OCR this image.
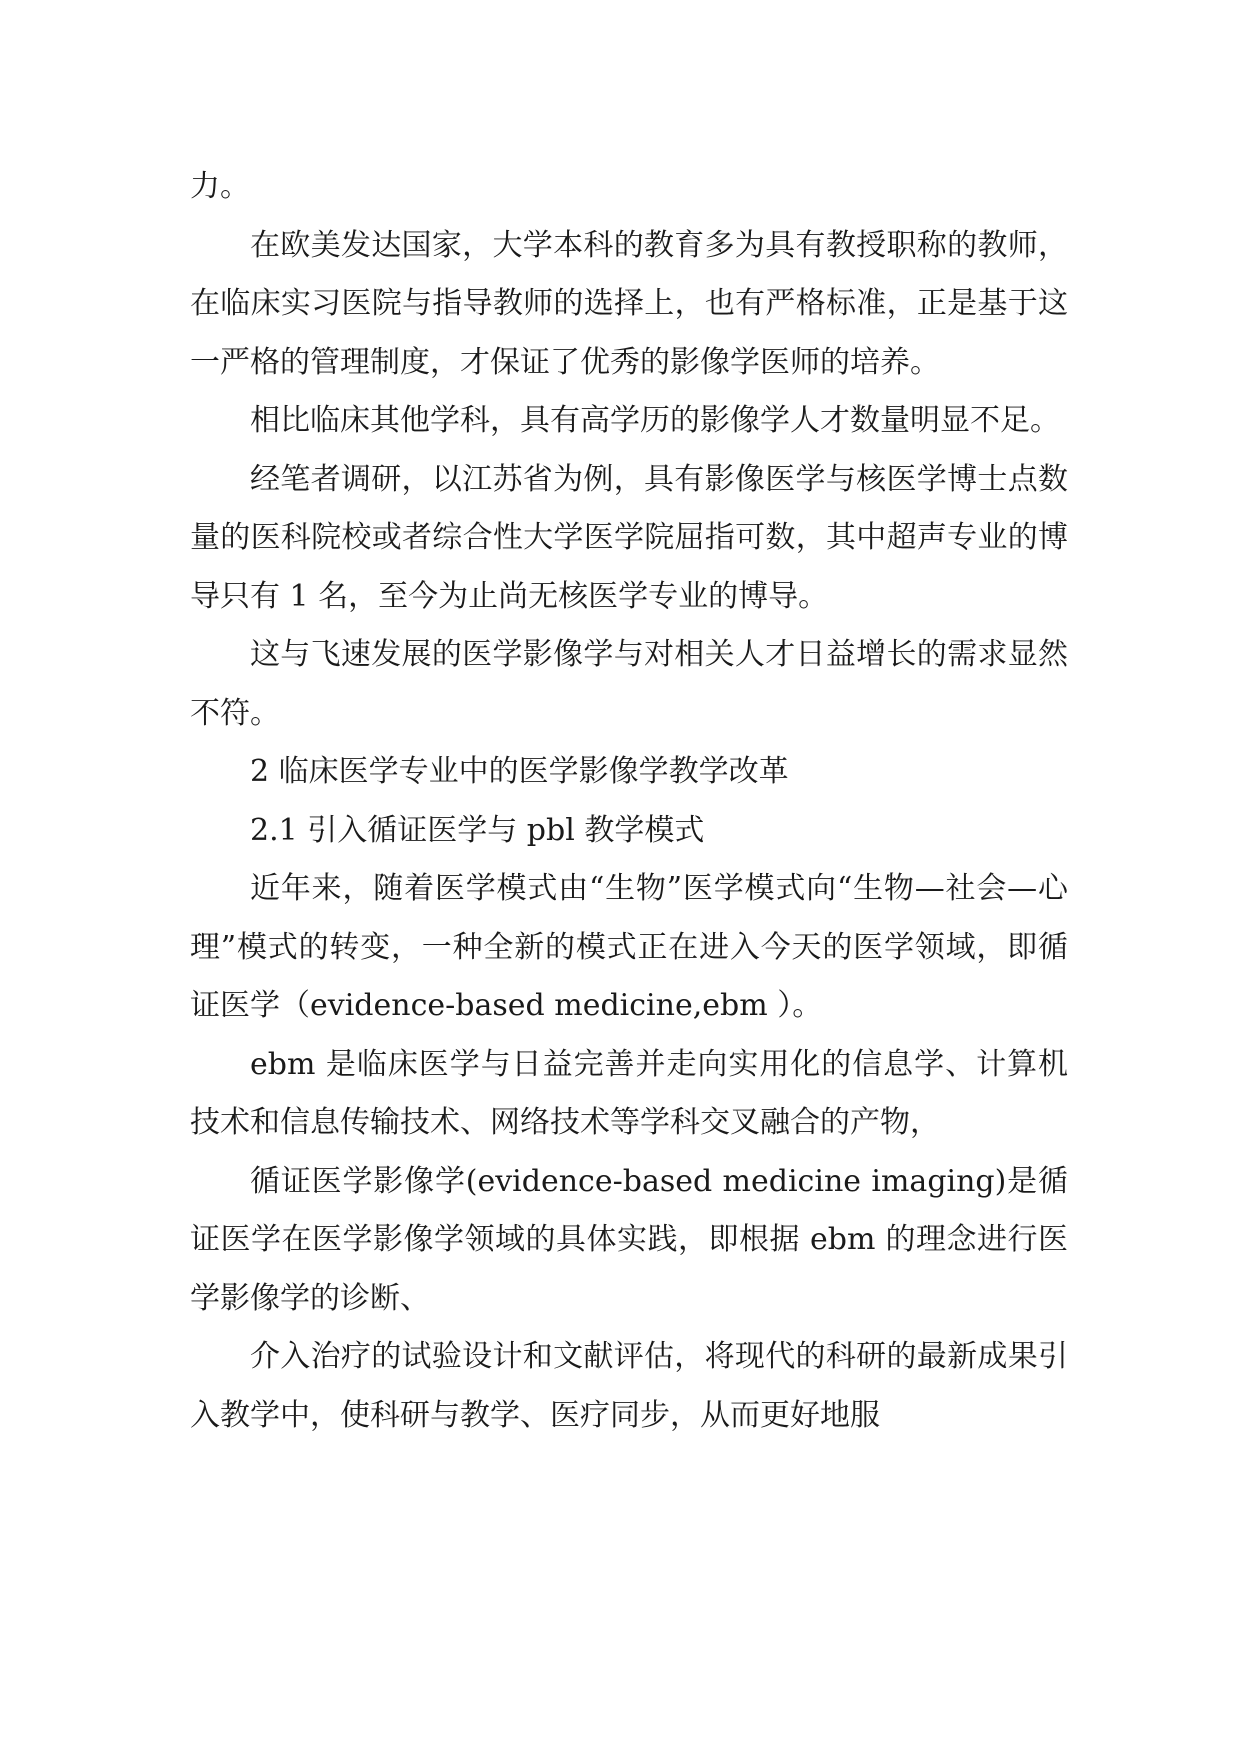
力。

在欧美发达国家，大学本科的教育多为具有教授职称的教师，在临床实习医院与指导教师的选择上，也有严格标准，正是基于这一严格的管理制度，才保证了优秀的影像学医师的培养。

相比临床其他学科，具有高学历的影像学人才数量明显不足。

经笔者调研，以江苏省为例，具有影像医学与核医学博士点数量的医科院校或者综合性大学医学院屈指可数，其中超声专业的博导只有 1 名，至今为止尚无核医学专业的博导。

这与飞速发展的医学影像学与对相关人才日益增长的需求显然不符。

2 临床医学专业中的医学影像学教学改革

2.1 引入循证医学与 pbl 教学模式

近年来，随着医学模式由“生物”医学模式向“生物—社会—心理”模式的转变，一种全新的模式正在进入今天的医学领域，即循证医学（evidence-based medicine,ebm ）。

ebm 是临床医学与日益完善并走向实用化的信息学、计算机技术和信息传输技术、网络技术等学科交叉融合的产物，

循证医学影像学(evidence-based medicine imaging)是循证医学在医学影像学领域的具体实践，即根据 ebm 的理念进行医学影像学的诊断、

介入治疗的试验设计和文献评估，将现代的科研的最新成果引入教学中，使科研与教学、医疗同步，从而更好地服
